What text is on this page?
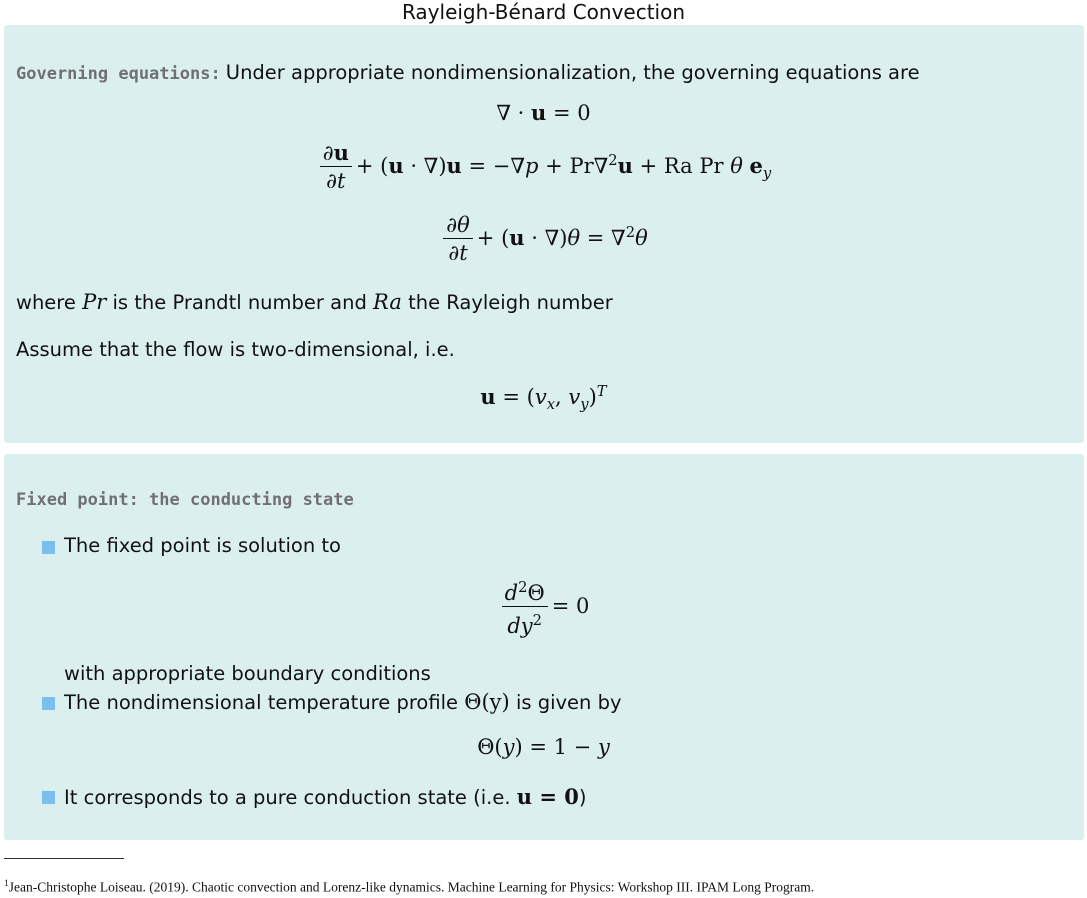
Rayleigh-Bénard Convection
Governing equations: Under appropriate nondimensionalization, the governing equations are
∇ · u = 0
$\frac{\partial u}{\partial t} + (u \cdot \nabla)u = -\nabla p + Pr\nabla^2u + Ra$ Pr θ $e_y$
$\frac{\partial\theta}{\partial t} + (u \cdot \nabla)\theta = \nabla^2\theta$
where Pr is the Prandtl number and Ra the Rayleigh number
Assume that the flow is two-dimensional, i.e.
$u = (v_x$, $v_y)^T$
Fixed point: the conducting state
The fixed point is solution to
$\frac{d^2\Theta}{dy^2} = 0$
with appropriate boundary conditions
The nondimensional temperature profile Θ(y) is given by
Θ(y) = 1 − y
It corresponds to a pure conduction state (i.e. u = 0)
$^1$Jean-Christophe Loiseau. (2019). Chaotic convection and Lorenz-like dynamics. Machine Learning for Physics: Workshop III. IPAM Long Program.
